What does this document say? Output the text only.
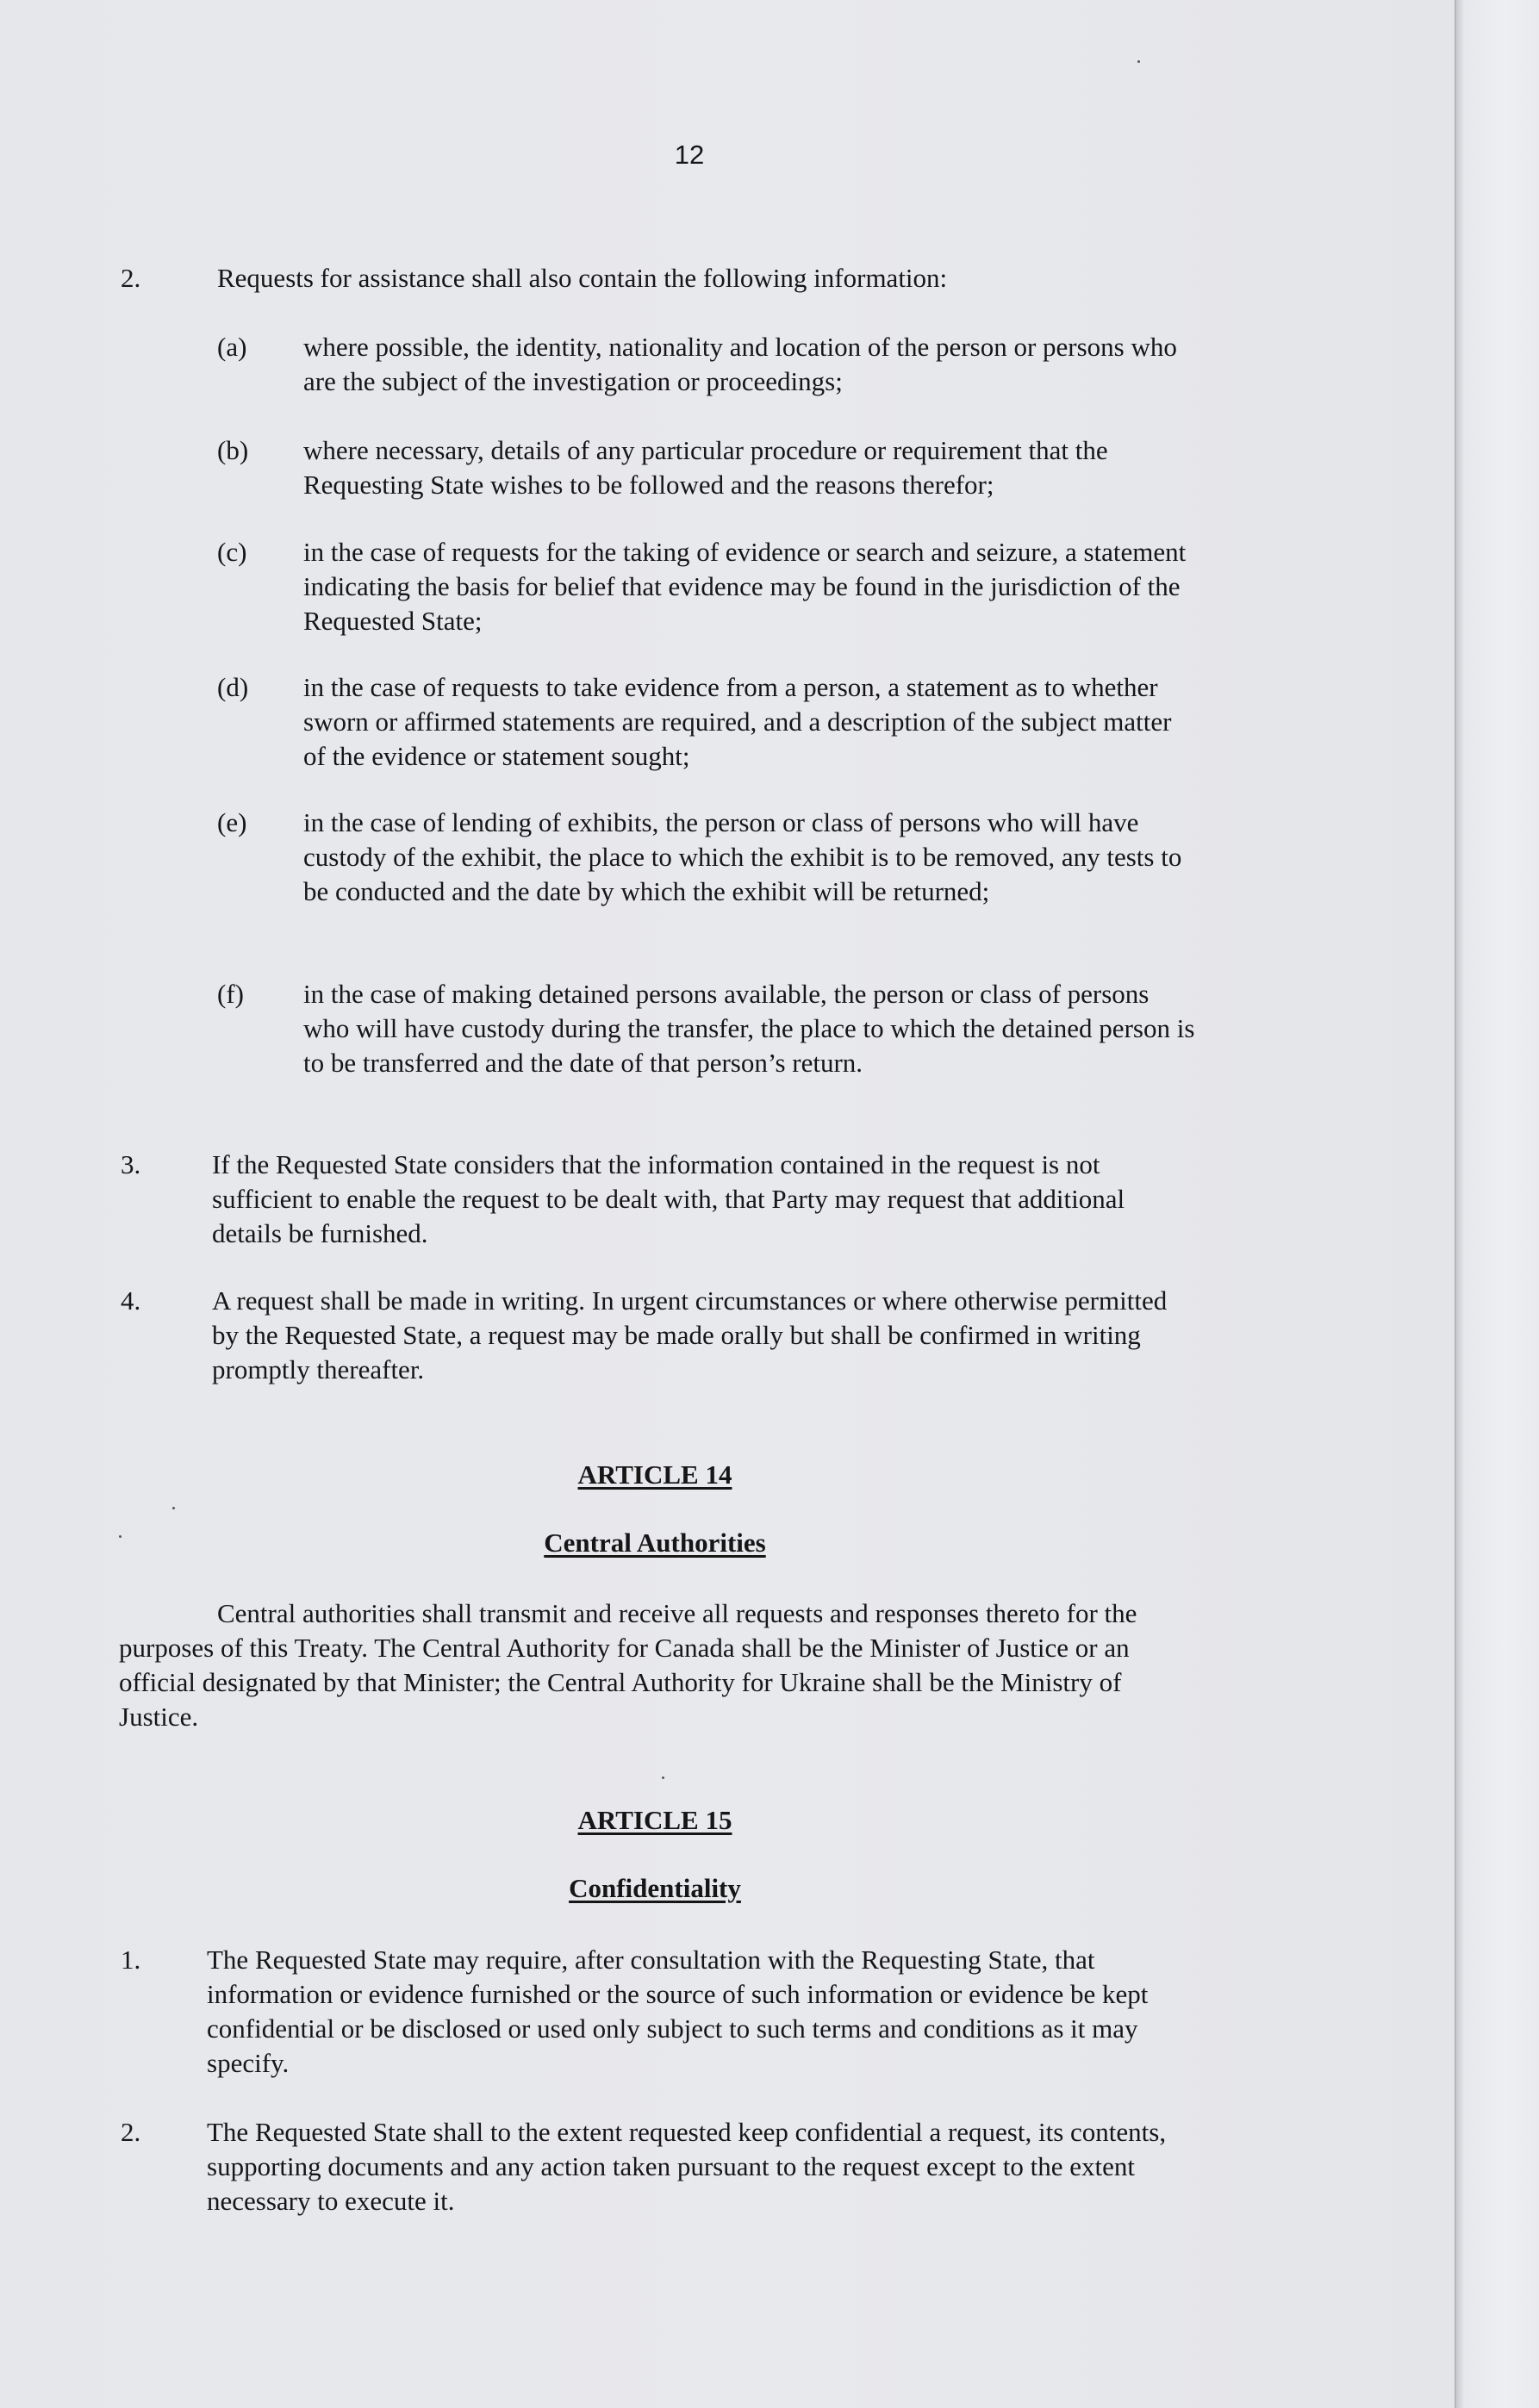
12
2.	Requests for assistance shall also contain the following information:
(a) where possible, the identity, nationality and location of the person or persons who are the subject of the investigation or proceedings;
(b) where necessary, details of any particular procedure or requirement that the Requesting State wishes to be followed and the reasons therefor;
(c) in the case of requests for the taking of evidence or search and seizure, a statement indicating the basis for belief that evidence may be found in the jurisdiction of the Requested State;
(d) in the case of requests to take evidence from a person, a statement as to whether sworn or affirmed statements are required, and a description of the subject matter of the evidence or statement sought;
(e) in the case of lending of exhibits, the person or class of persons who will have custody of the exhibit, the place to which the exhibit is to be removed, any tests to be conducted and the date by which the exhibit will be returned;
(f) in the case of making detained persons available, the person or class of persons who will have custody during the transfer, the place to which the detained person is to be transferred and the date of that person’s return.
3.	If the Requested State considers that the information contained in the request is not sufficient to enable the request to be dealt with, that Party may request that additional details be furnished.
4.	A request shall be made in writing. In urgent circumstances or where otherwise permitted by the Requested State, a request may be made orally but shall be confirmed in writing promptly thereafter.
ARTICLE 14
Central Authorities
Central authorities shall transmit and receive all requests and responses thereto for the purposes of this Treaty. The Central Authority for Canada shall be the Minister of Justice or an official designated by that Minister; the Central Authority for Ukraine shall be the Ministry of Justice.
ARTICLE 15
Confidentiality
1. The Requested State may require, after consultation with the Requesting State, that information or evidence furnished or the source of such information or evidence be kept confidential or be disclosed or used only subject to such terms and conditions as it may specify.
2. The Requested State shall to the extent requested keep confidential a request, its contents, supporting documents and any action taken pursuant to the request except to the extent necessary to execute it.
